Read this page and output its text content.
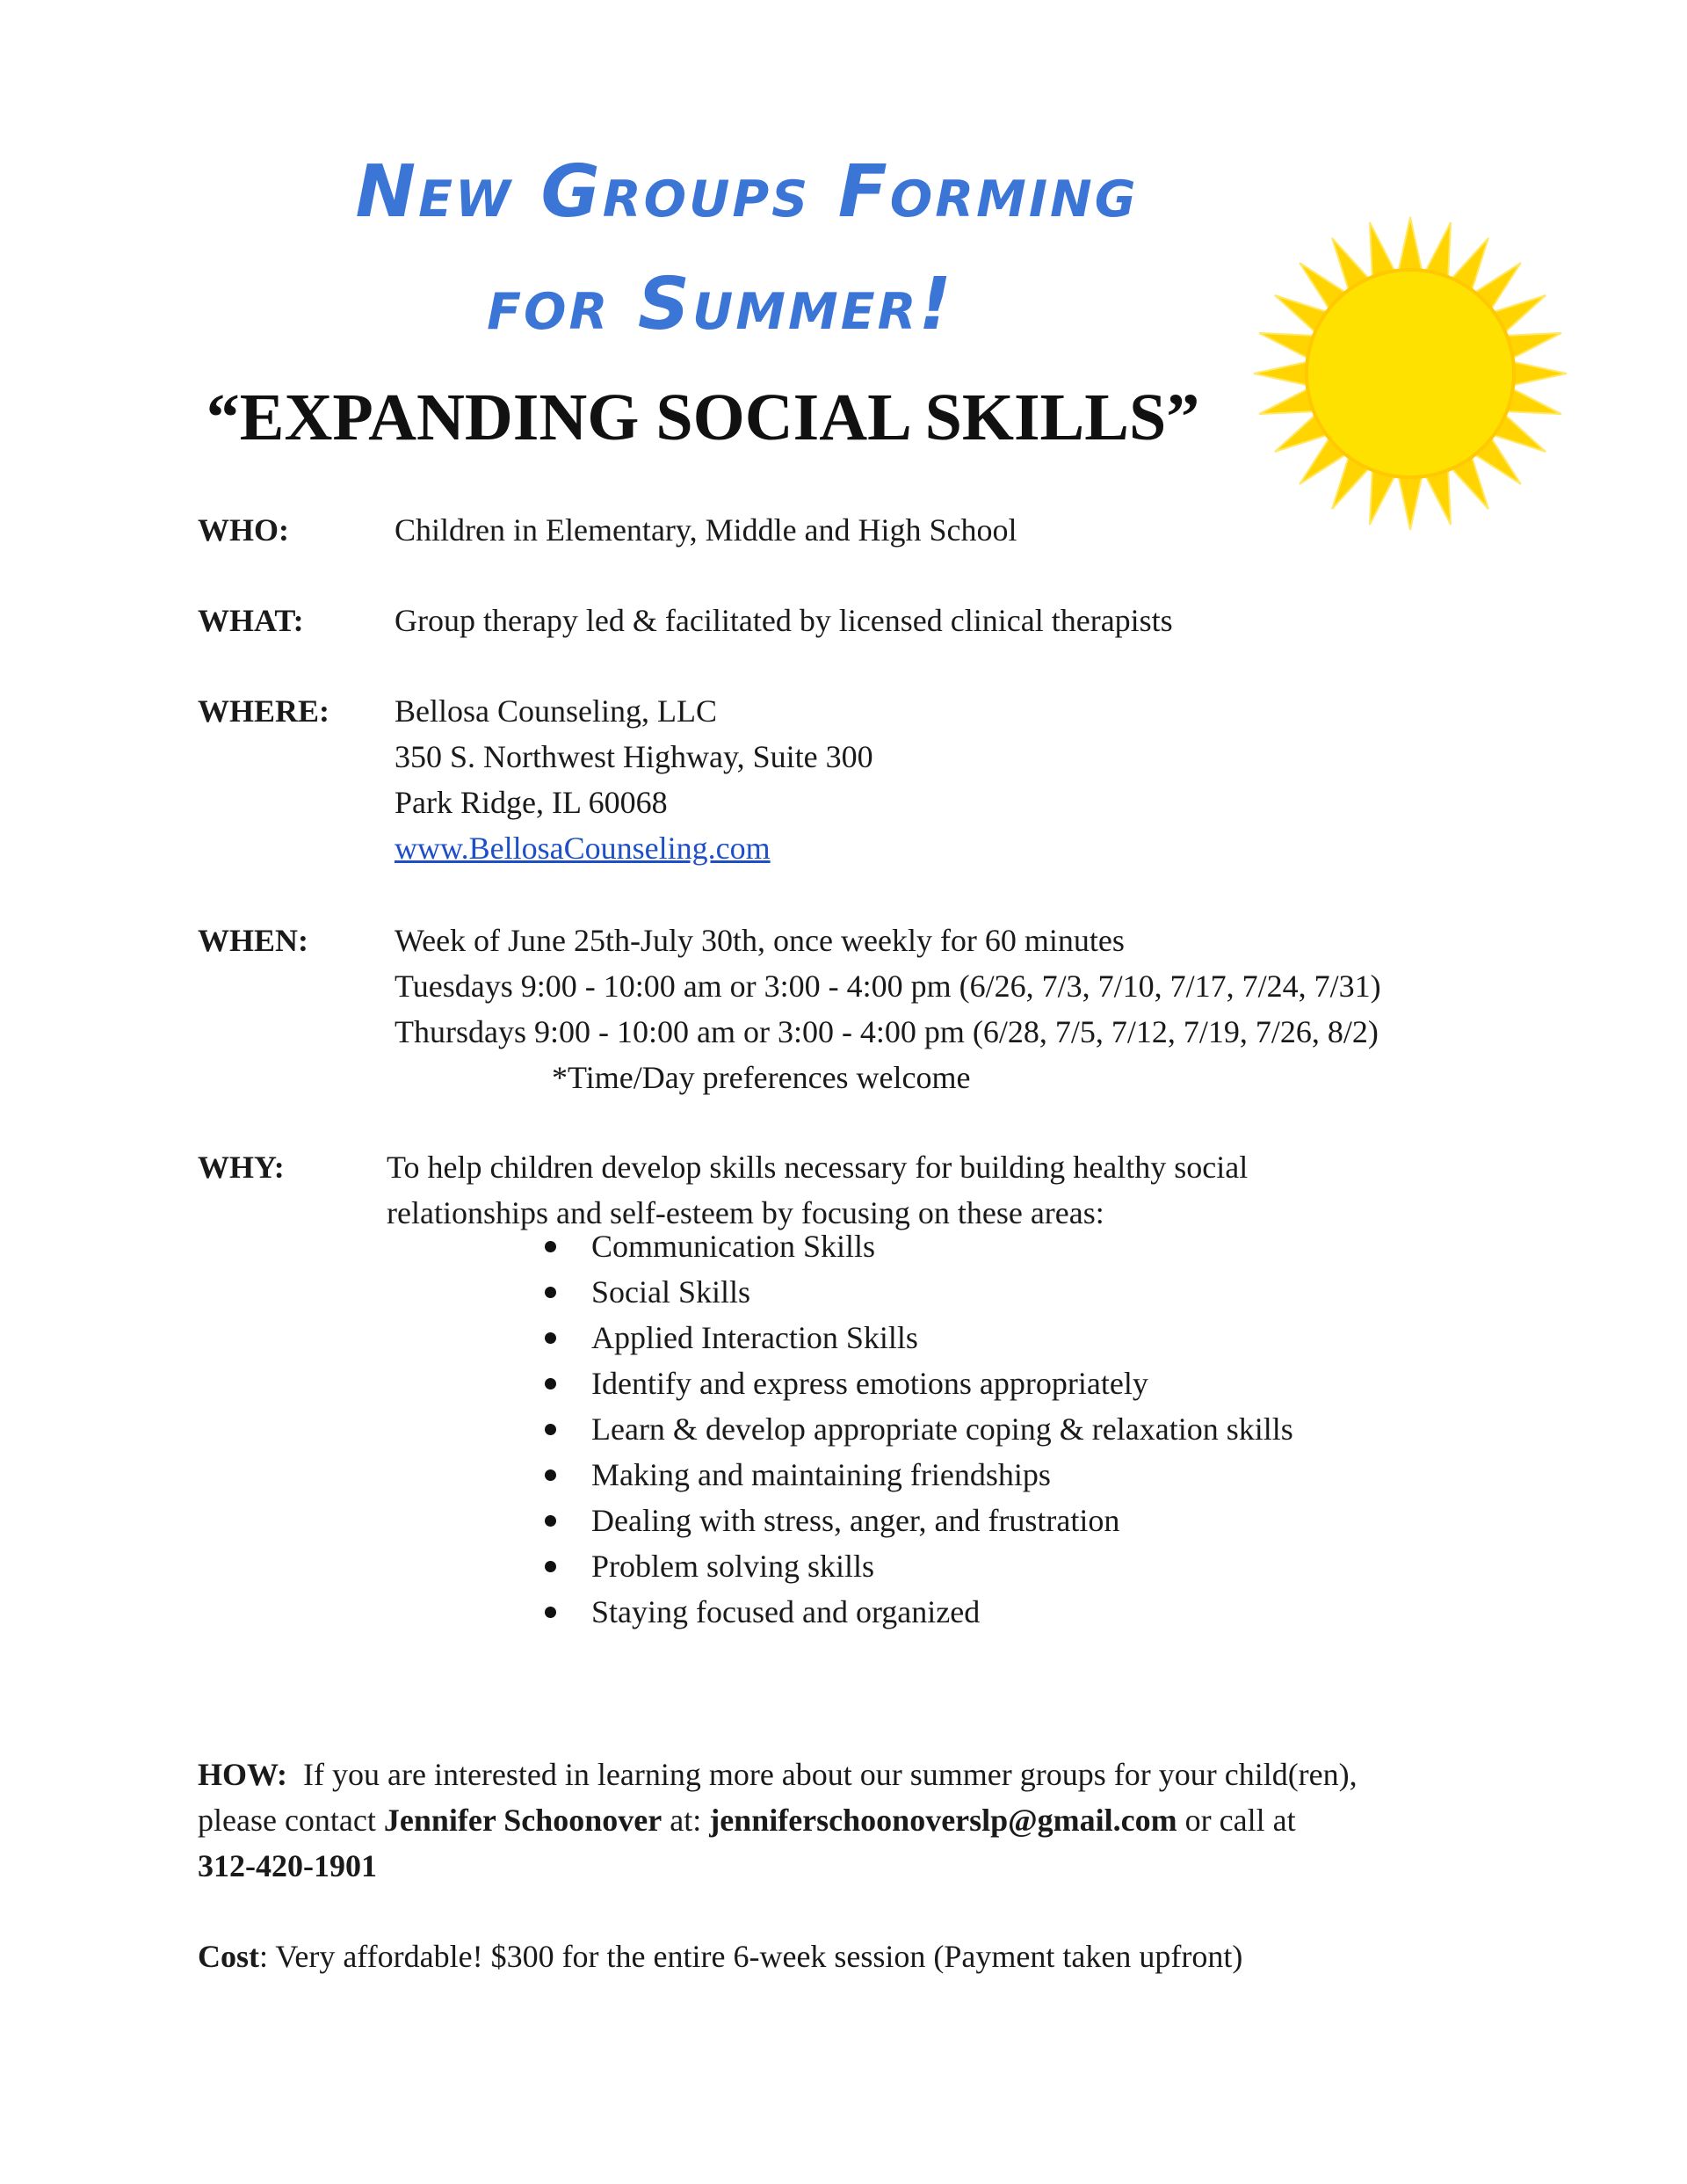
New Groups Forming
for Summer!
“EXPANDING SOCIAL SKILLS”
WHO:	Children in Elementary, Middle and High School
WHAT:	Group therapy led & facilitated by licensed clinical therapists
WHERE: Bellosa Counseling, LLC
350 S. Northwest Highway, Suite 300
Park Ridge, IL 60068
www.BellosaCounseling.com
WHEN:	Week of June 25th-July 30th, once weekly for 60 minutes
Tuesdays 9:00 - 10:00 am or 3:00 - 4:00 pm (6/26, 7/3, 7/10, 7/17, 7/24, 7/31)
Thursdays 9:00 - 10:00 am or 3:00 - 4:00 pm (6/28, 7/5, 7/12, 7/19, 7/26, 8/2)
*Time/Day preferences welcome
WHY:	To help children develop skills necessary for building healthy social
relationships and self-esteem by focusing on these areas:
Communication Skills
Social Skills
Applied Interaction Skills
Identify and express emotions appropriately
Learn & develop appropriate coping & relaxation skills
Making and maintaining friendships
Dealing with stress, anger, and frustration
Problem solving skills
Staying focused and organized
HOW: If you are interested in learning more about our summer groups for your child(ren),
please contact Jennifer Schoonover at: jenniferschoonoverslp@gmail.com or call at
312-420-1901
Cost: Very affordable! $300 for the entire 6-week session (Payment taken upfront)
